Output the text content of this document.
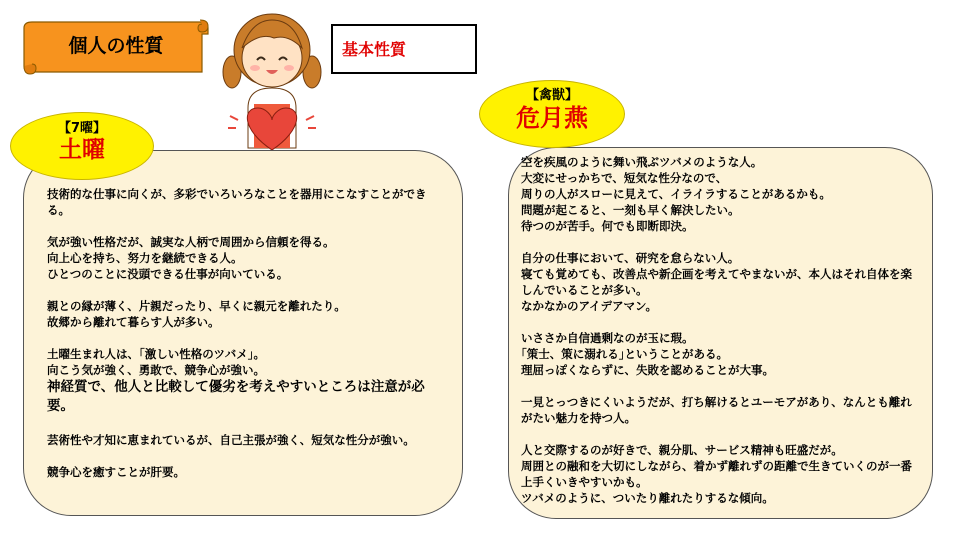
個人の性質	基本性質
【7曜】
土曜

技術的な仕事に向くが、多彩でいろいろなことを器用にこなすことができる。

気が強い性格だが、誠実な人柄で周囲から信頼を得る。

向上心を持ち、努力を継続できる人。

ひとつのことに没頭できる仕事が向いている。

親との縁が薄く、片親だったり、早くに親元を離れたり。

故郷から離れて暮らす人が多い。

土曜生まれ人は、｢激しい性格のツバメ｣。

向こう気が強く、勇敢で、競争心が強い。

神経質で、他人と比較して優劣を考えやすいところは注意が必要。

芸術性や才知に恵まれているが、自己主張が強く、短気な性分が強い。

競争心を癒すことが肝要。

【禽獣】
危月燕

空を疾風のように舞い飛ぶツバメのような人。

大変にせっかちで、短気な性分なので、

周りの人がスローに見えて、イライラすることがあるかも。

問題が起こると、一刻も早く解決したい。

待つのが苦手。何でも即断即決。

自分の仕事において、研究を怠らない人。

寝ても覚めても、改善点や新企画を考えてやまないが、本人はそれ自体を楽しんでいることが多い。

なかなかのアイデアマン。

いささか自信過剰なのが玉に瑕。

｢策士、策に溺れる｣ということがある。

理屈っぽくならずに、失敗を認めることが大事。

一見とっつきにくいようだが、打ち解けるとユーモアがあり、なんとも離れがたい魅力を持つ人。

人と交際するのが好きで、親分肌、サービス精神も旺盛だが。

周囲との融和を大切にしながら、着かず離れずの距離で生きていくのが一番上手くいきやすいかも。

ツバメのように、ついたり離れたりするな傾向。
